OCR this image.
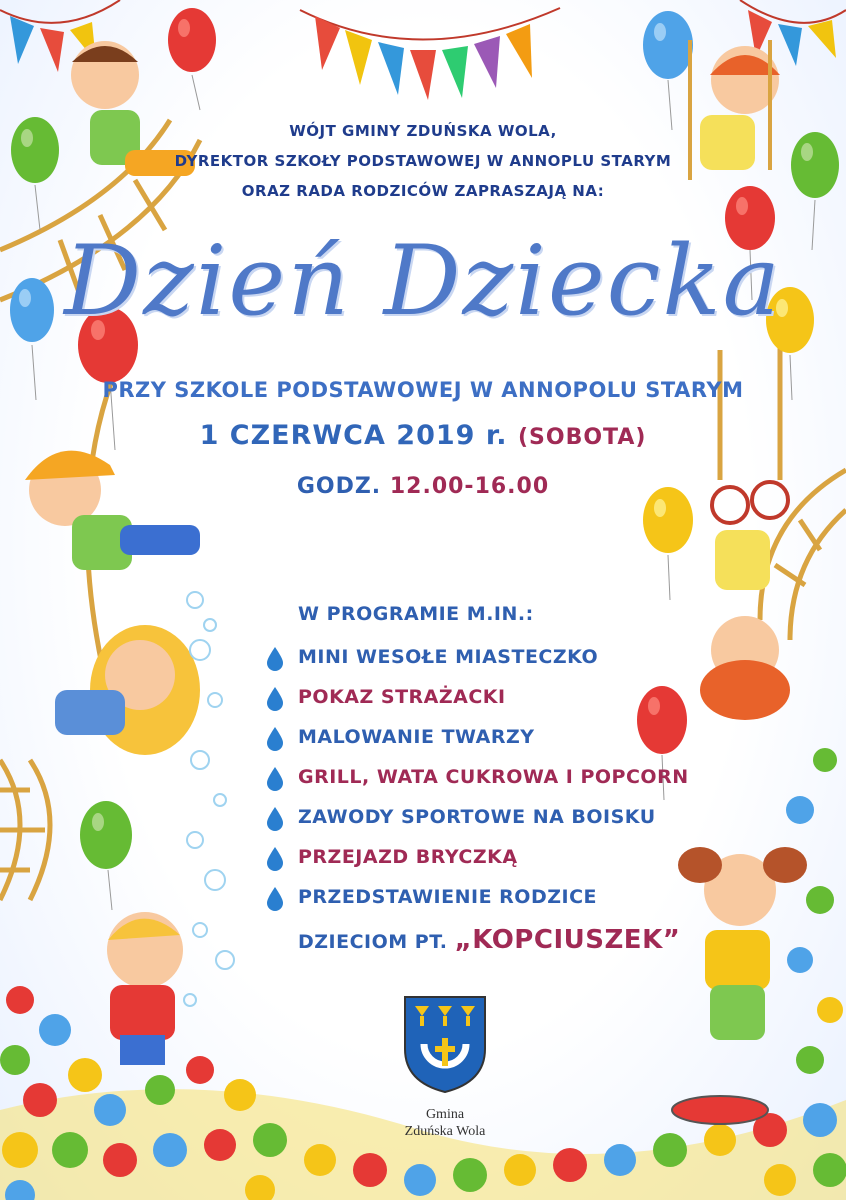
WÓJT GMINY ZDUŃSKA WOLA,
DYREKTOR SZKOŁY PODSTAWOWEJ W ANNOPLU STARYM
ORAZ RADA RODZICÓW ZAPRASZAJĄ NA:
Dzień Dziecka
PRZY SZKOLE PODSTAWOWEJ W ANNOPOLU STARYM
1 CZERWCA 2019 r. (SOBOTA)
GODZ. 12.00-16.00
W PROGRAMIE M.IN.:
MINI WESOŁE MIASTECZKO
POKAZ STRAŻACKI
MALOWANIE TWARZY
GRILL, WATA CUKROWA I POPCORN
ZAWODY SPORTOWE NA BOISKU
PRZEJAZD BRYCZKĄ
PRZEDSTAWIENIE RODZICE
DZIECIOM PT. „KOPCIUSZEK”
Gmina
Zduńska Wola
